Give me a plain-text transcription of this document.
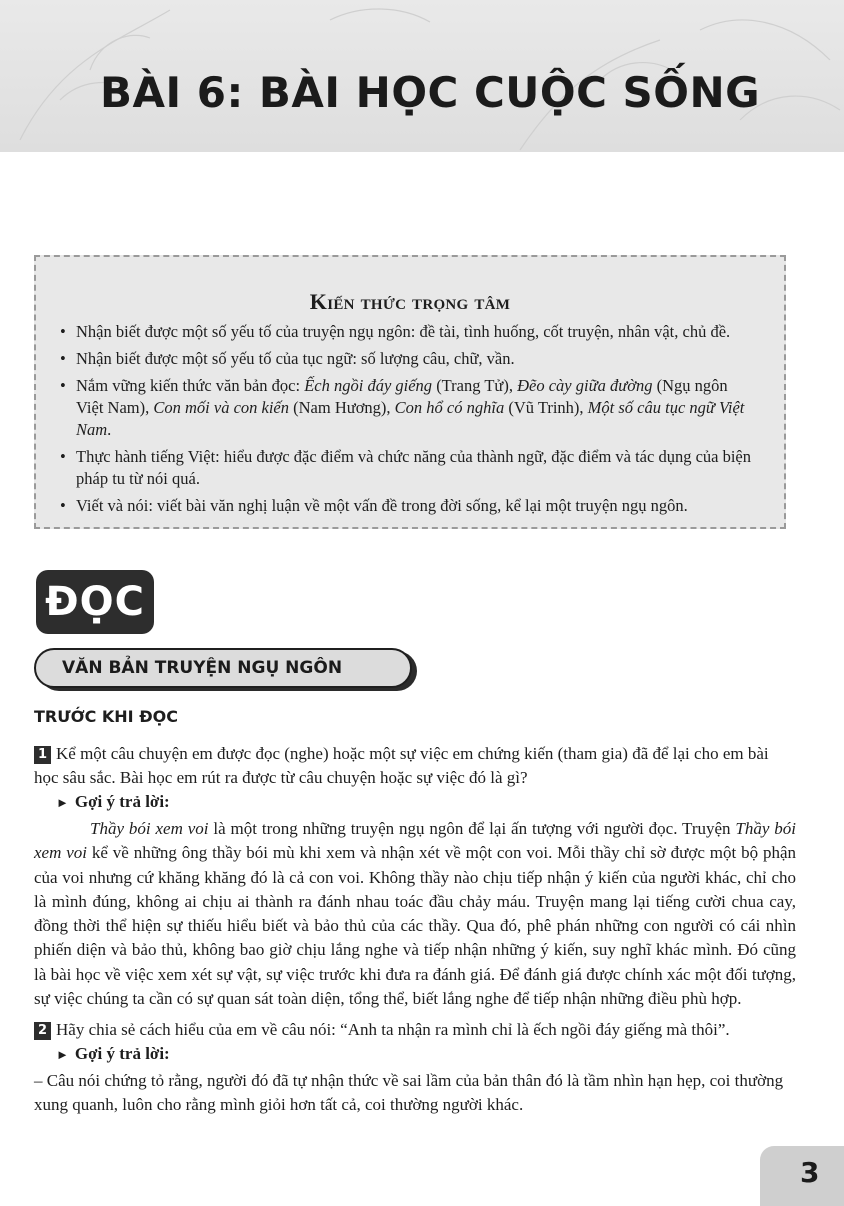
BÀI 6: BÀI HỌC CUỘC SỐNG
Kiến thức trọng tâm
• Nhận biết được một số yếu tố của truyện ngụ ngôn: đề tài, tình huống, cốt truyện, nhân vật, chủ đề.
• Nhận biết được một số yếu tố của tục ngữ: số lượng câu, chữ, vần.
• Nắm vững kiến thức văn bản đọc: Ếch ngồi đáy giếng (Trang Tử), Đẽo cày giữa đường (Ngụ ngôn Việt Nam), Con mối và con kiến (Nam Hương), Con hổ có nghĩa (Vũ Trinh), Một số câu tục ngữ Việt Nam.
• Thực hành tiếng Việt: hiểu được đặc điểm và chức năng của thành ngữ, đặc điểm và tác dụng của biện pháp tu từ nói quá.
• Viết và nói: viết bài văn nghị luận về một vấn đề trong đời sống, kể lại một truyện ngụ ngôn.
ĐỌC
VĂN BẢN TRUYỆN NGỤ NGÔN
TRƯỚC KHI ĐỌC
1 Kể một câu chuyện em được đọc (nghe) hoặc một sự việc em chứng kiến (tham gia) đã để lại cho em bài học sâu sắc. Bài học em rút ra được từ câu chuyện hoặc sự việc đó là gì?
► Gợi ý trả lời:

Thầy bói xem voi là một trong những truyện ngụ ngôn để lại ấn tượng với người đọc. Truyện Thầy bói xem voi kể về những ông thầy bói mù khi xem và nhận xét về một con voi. Mỗi thầy chỉ sờ được một bộ phận của voi nhưng cứ khăng khăng đó là cả con voi. Không thầy nào chịu tiếp nhận ý kiến của người khác, chỉ cho là mình đúng, không ai chịu ai thành ra đánh nhau toác đầu chảy máu. Truyện mang lại tiếng cười chua cay, đồng thời thể hiện sự thiếu hiểu biết và bảo thủ của các thầy. Qua đó, phê phán những con người có cái nhìn phiến diện và bảo thủ, không bao giờ chịu lắng nghe và tiếp nhận những ý kiến, suy nghĩ khác mình. Đó cũng là bài học về việc xem xét sự vật, sự việc trước khi đưa ra đánh giá. Để đánh giá được chính xác một đối tượng, sự việc chúng ta cần có sự quan sát toàn diện, tổng thể, biết lắng nghe để tiếp nhận những điều phù hợp.

2 Hãy chia sẻ cách hiểu của em về câu nói: “Anh ta nhận ra mình chỉ là ếch ngồi đáy giếng mà thôi”.
► Gợi ý trả lời:

– Câu nói chứng tỏ rằng, người đó đã tự nhận thức về sai lầm của bản thân đó là tầm nhìn hạn hẹp, coi thường xung quanh, luôn cho rằng mình giỏi hơn tất cả, coi thường người khác.

3
